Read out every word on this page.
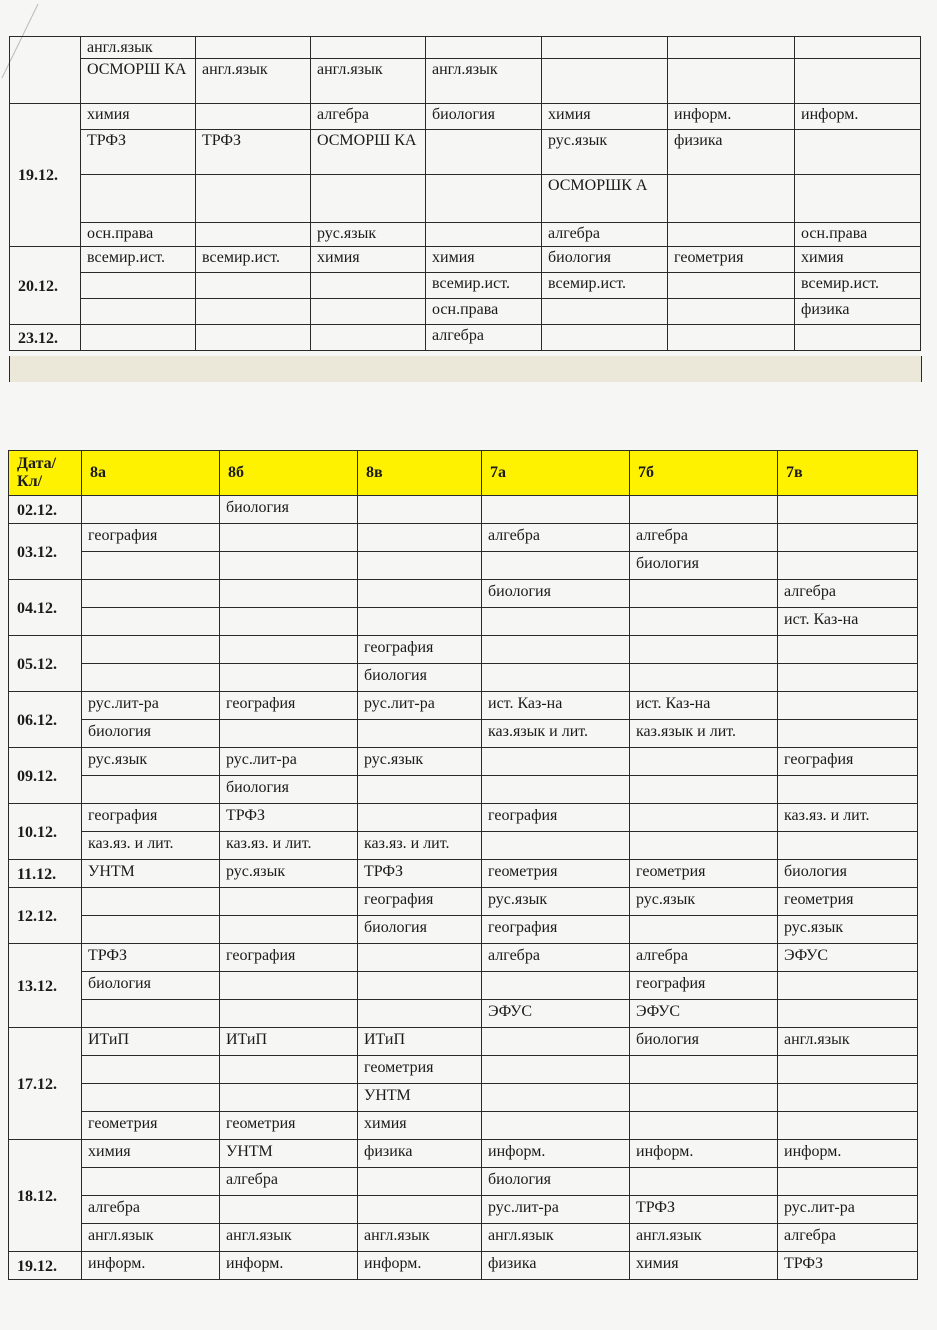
	англ.язык						
	ОСМОРШ КА	англ.язык	англ.язык	англ.язык			
19.12.	химия		алгебра	биология	химия	информ.	информ.
	ТРФЗ	ТРФЗ	ОСМОРШ КА		рус.язык	физика	
					ОСМОРШК А		
	осн.права		рус.язык		алгебра		осн.права
20.12.	всемир.ист.	всемир.ист.	химия	химия	биология	геометрия	химия
				всемир.ист.	всемир.ист.		всемир.ист.
				осн.права			физика
23.12.				алгебра			
Дата/ Кл/	8а	8б	8в	7а	7б	7в
02.12.		биология				
03.12.	география			алгебра	алгебра	
					биология	
04.12.				биология		алгебра
						ист. Каз-на
05.12.			география			
			биология			
06.12.	рус.лит-ра	география	рус.лит-ра	ист. Каз-на	ист. Каз-на	
	биология			каз.язык и лит.	каз.язык и лит.	
09.12.	рус.язык	рус.лит-ра	рус.язык			география
		биология				
10.12.	география	ТРФЗ		география		каз.яз. и лит.
	каз.яз. и лит.	каз.яз. и лит.	каз.яз. и лит.			
11.12.	УНТМ	рус.язык	ТРФЗ	геометрия	геометрия	биология
12.12.			география	рус.язык	рус.язык	геометрия
			биология	география		рус.язык
13.12.	ТРФЗ	география		алгебра	алгебра	ЭФУС
	биология				география	
				ЭФУС	ЭФУС	
17.12.	ИТиП	ИТиП	ИТиП		биология	англ.язык
			геометрия			
			УНТМ			
	геометрия	геометрия	химия			
18.12.	химия	УНТМ	физика	информ.	информ.	информ.
		алгебра		биология		
	алгебра			рус.лит-ра	ТРФЗ	рус.лит-ра
	англ.язык	англ.язык	англ.язык	англ.язык	англ.язык	алгебра
19.12.	информ.	информ.	информ.	физика	химия	ТРФЗ
